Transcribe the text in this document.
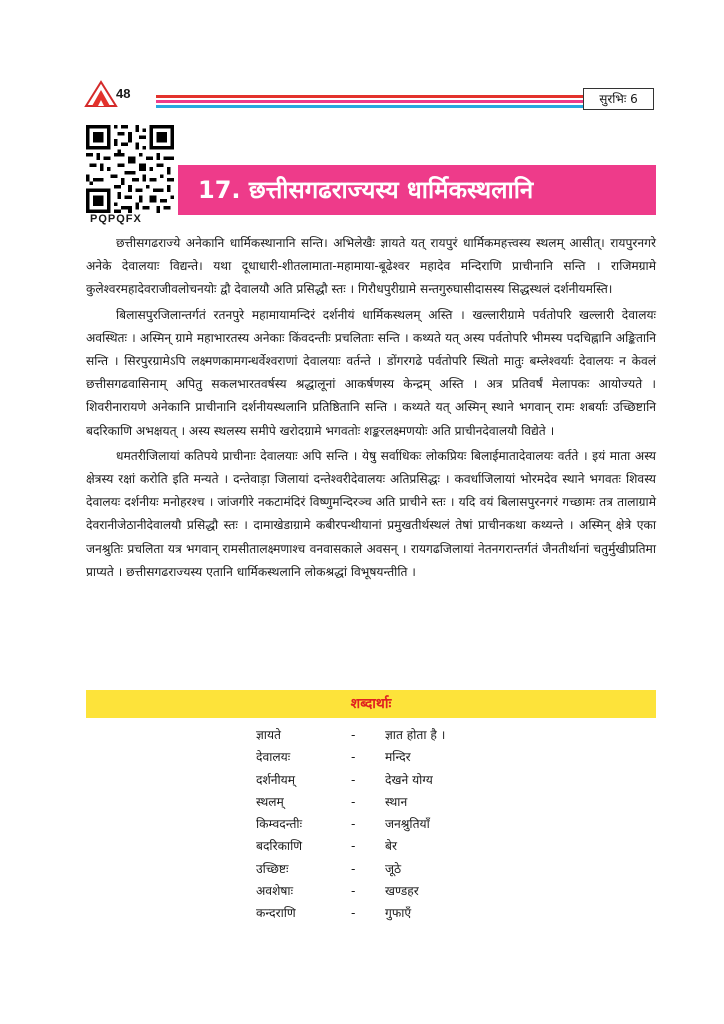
48	सुरभिः 6
PQPQFX
17. छत्तीसगढराज्यस्य धार्मिकस्थलानि

छत्तीसगढराज्ये अनेकानि धार्मिकस्थानानि सन्ति। अभिलेखैः ज्ञायते यत् रायपुरं धार्मिकमहत्त्वस्य स्थलम् आसीत्। रायपुरनगरे अनेके देवालयाः विद्यन्ते। यथा दूधाधारी-शीतलामाता-महामाया-बूढेश्वर महादेव मन्दिराणि प्राचीनानि सन्ति । राजिमग्रामे कुलेश्वरमहादेवराजीवलोचनयोः द्वौ देवालयौ अति प्रसिद्धौ स्तः । गिरौधपुरीग्रामे सन्तगुरुघासीदासस्य सिद्धस्थलं दर्शनीयमस्ति।

बिलासपुरजिलान्तर्गतं रतनपुरे महामायामन्दिरं दर्शनीयं धार्मिकस्थलम् अस्ति । खल्लारीग्रामे पर्वतोपरि खल्लारी देवालयः अवस्थितः । अस्मिन् ग्रामे महाभारतस्य अनेकाः किंवदन्तीः प्रचलिताः सन्ति । कथ्यते यत् अस्य पर्वतोपरि भीमस्य पदचिह्नानि अङ्कितानि सन्ति । सिरपुरग्रामेऽपि लक्ष्मणकामगन्धर्वेश्वराणां देवालयाः वर्तन्ते । डोंगरगढे पर्वतोपरि स्थितो मातुः बम्लेश्वर्याः देवालयः न केवलं छत्तीसगढवासिनाम् अपितु सकलभारतवर्षस्य श्रद्धालूनां आकर्षणस्य केन्द्रम् अस्ति । अत्र प्रतिवर्षं मेलापकः आयोज्यते । शिवरीनारायणे अनेकानि प्राचीनानि दर्शनीयस्थलानि प्रतिष्ठितानि सन्ति । कथ्यते यत् अस्मिन् स्थाने भगवान् रामः शबर्याः उच्छिष्टानि बदरिकाणि अभक्षयत् । अस्य स्थलस्य समीपे खरोदग्रामे भगवतोः शङ्करलक्ष्मणयोः अति प्राचीनदेवालयौ विद्येते ।

धमतरीजिलायां कतिपये प्राचीनाः देवालयाः अपि सन्ति । येषु सर्वाधिकः लोकप्रियः बिलाईमातादेवालयः वर्तते । इयं माता अस्य क्षेत्रस्य रक्षां करोति इति मन्यते । दन्तेवाड़ा जिलायां दन्तेश्वरीदेवालयः अतिप्रसिद्धः । कवर्धाजिलायां भोरमदेव स्थाने भगवतः शिवस्य देवालयः दर्शनीयः मनोहरश्च । जांजगीरे नकटामंदिरं विष्णुमन्दिरञ्च अति प्राचीने स्तः । यदि वयं बिलासपुरनगरं गच्छामः तत्र तालाग्रामे देवरानीजेठानीदेवालयौ प्रसिद्धौ स्तः । दामाखेडाग्रामे कबीरपन्थीयानां प्रमुखतीर्थस्थलं तेषां प्राचीनकथा कथ्यन्ते । अस्मिन् क्षेत्रे एका जनश्रुतिः प्रचलिता यत्र भगवान् रामसीतालक्ष्मणाश्च वनवासकाले अवसन् । रायगढजिलायां नेतनगरान्तर्गतं जैनतीर्थानां चतुर्मुखीप्रतिमा प्राप्यते । छत्तीसगढराज्यस्य एतानि धार्मिकस्थलानि लोकश्रद्धां विभूषयन्तीति ।

शब्दार्थाः
ज्ञायते	-	ज्ञात होता है ।
देवालयः	-	मन्दिर
दर्शनीयम्	-	देखने योग्य
स्थलम्	-	स्थान
किम्वदन्तीः	-	जनश्रुतियाँ
बदरिकाणि	-	बेर
उच्छिष्टः	-	जूठे
अवशेषाः	-	खण्डहर
कन्दराणि	-	गुफाएँ
